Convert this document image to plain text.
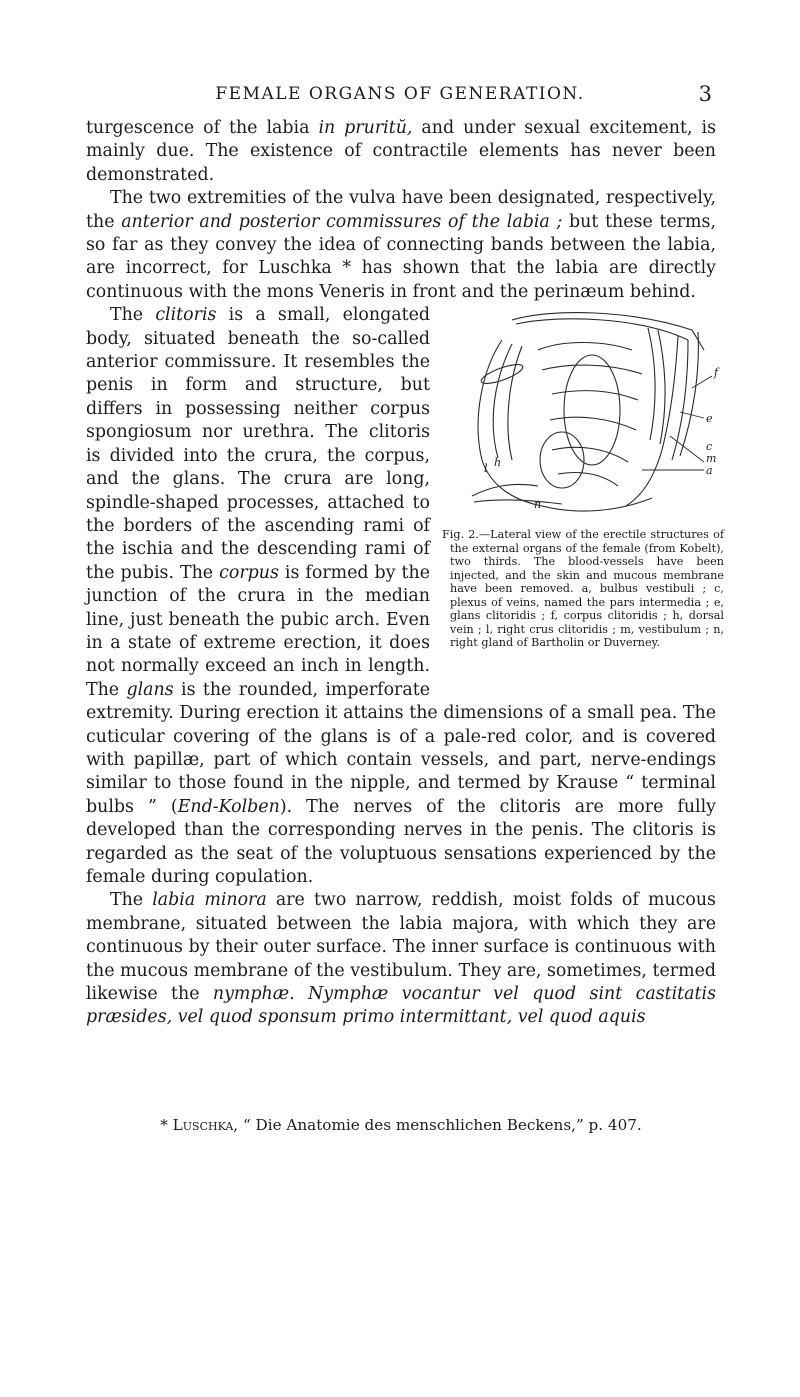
FEMALE ORGANS OF GENERATION.	3

turgescence of the labia in pruritŭ, and under sexual excitement, is mainly due. The existence of contractile elements has never been demonstrated.

The two extremities of the vulva have been designated, respectively, the anterior and posterior commissures of the labia ; but these terms, so far as they convey the idea of connecting bands between the labia, are incorrect, for Luschka * has shown that the labia are directly continuous with the mons Veneris in front and the perinæum behind.

f
e
c
m
a
l h
n
Fig. 2.—Lateral view of the erectile structures of the external organs of the female (from Kobelt), two thirds. The blood-vessels have been injected, and the skin and mucous membrane have been removed. a, bulbus vestibuli ; c, plexus of veins, named the pars intermedia ; e, glans clitoridis ; f, corpus clitoridis ; h, dorsal vein ; l, right crus clitoridis ; m, vestibulum ; n, right gland of Bartholin or Duverney.

The clitoris is a small, elongated body, situated beneath the so-called anterior commissure. It resembles the penis in form and structure, but differs in possessing neither corpus spongiosum nor urethra. The clitoris is divided into the crura, the corpus, and the glans. The crura are long, spindle-shaped processes, attached to the borders of the ascending rami of the ischia and the descending rami of the pubis. The corpus is formed by the junction of the crura in the median line, just beneath the pubic arch. Even in a state of extreme erection, it does not normally exceed an inch in length. The glans is the rounded, imperforate extremity. During erection it attains the dimensions of a small pea. The cuticular covering of the glans is of a pale-red color, and is covered with papillæ, part of which contain vessels, and part, nerve-endings similar to those found in the nipple, and termed by Krause “ terminal bulbs ” (End-Kolben). The nerves of the clitoris are more fully developed than the corresponding nerves in the penis. The clitoris is regarded as the seat of the voluptuous sensations experienced by the female during copulation.

The labia minora are two narrow, reddish, moist folds of mucous membrane, situated between the labia majora, with which they are continuous by their outer surface. The inner surface is continuous with the mucous membrane of the vestibulum. They are, sometimes, termed likewise the nymphæ. Nymphæ vocantur vel quod sint castitatis præsides, vel quod sponsum primo intermittant, vel quod aquis

* Luschka, “ Die Anatomie des menschlichen Beckens,” p. 407.
